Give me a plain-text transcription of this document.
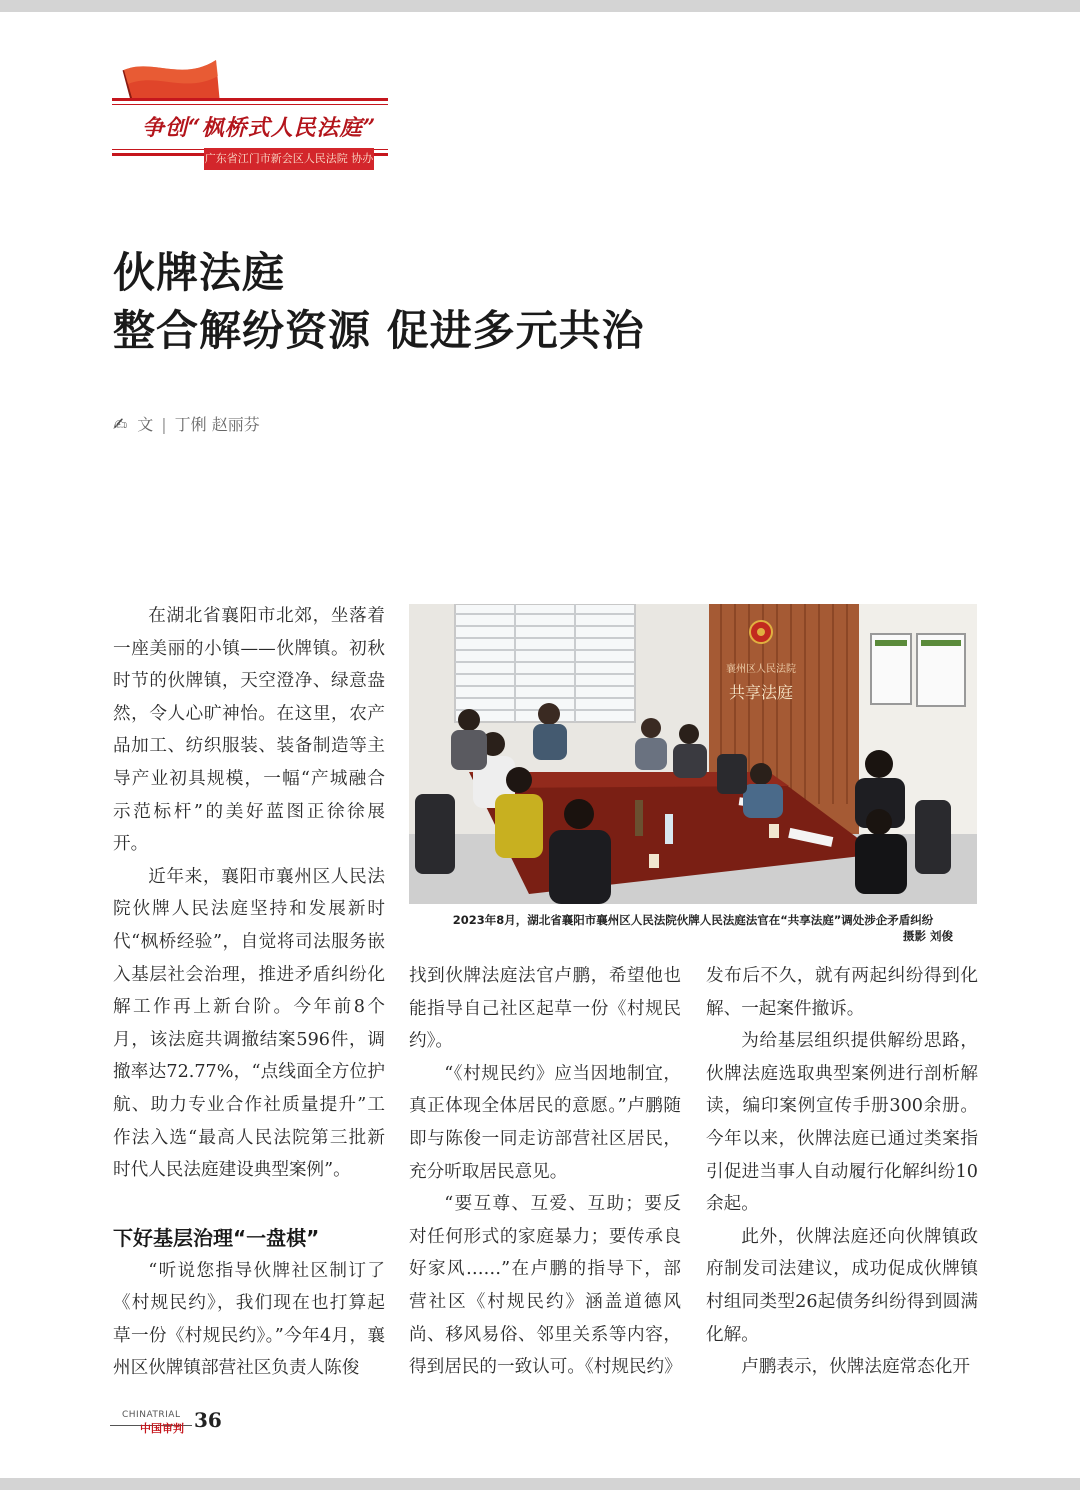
争创“枫桥式人民法庭”
广东省江门市新会区人民法院 协办
伙牌法庭
整合解纷资源 促进多元共治
✍ 文 | 丁俐 赵丽芬

在湖北省襄阳市北郊，坐落着一座美丽的小镇——伙牌镇。初秋时节的伙牌镇，天空澄净、绿意盎然，令人心旷神怡。在这里，农产品加工、纺织服装、装备制造等主导产业初具规模，一幅“产城融合示范标杆”的美好蓝图正徐徐展开。

近年来，襄阳市襄州区人民法院伙牌人民法庭坚持和发展新时代“枫桥经验”，自觉将司法服务嵌入基层社会治理，推进矛盾纠纷化解工作再上新台阶。今年前8个月，该法庭共调撤结案596件，调撤率达72.77%，“点线面全方位护航、助力专业合作社质量提升”工作法入选“最高人民法院第三批新时代人民法庭建设典型案例”。

下好基层治理“一盘棋”

“听说您指导伙牌社区制订了《村规民约》，我们现在也打算起草一份《村规民约》。”今年4月，襄州区伙牌镇部营社区负责人陈俊

襄州区人民法院
共享法庭
2023年8月，湖北省襄阳市襄州区人民法院伙牌人民法庭法官在“共享法庭”调处涉企矛盾纠纷
摄影 刘俊

找到伙牌法庭法官卢鹏，希望他也能指导自己社区起草一份《村规民约》。

“《村规民约》应当因地制宜，真正体现全体居民的意愿。”卢鹏随即与陈俊一同走访部营社区居民，充分听取居民意见。

“要互尊、互爱、互助；要反对任何形式的家庭暴力；要传承良好家风……”在卢鹏的指导下，部营社区《村规民约》涵盖道德风尚、移风易俗、邻里关系等内容，得到居民的一致认可。《村规民约》

发布后不久，就有两起纠纷得到化解、一起案件撤诉。

为给基层组织提供解纷思路，伙牌法庭选取典型案例进行剖析解读，编印案例宣传手册300余册。今年以来，伙牌法庭已通过类案指引促进当事人自动履行化解纠纷10余起。

此外，伙牌法庭还向伙牌镇政府制发司法建议，成功促成伙牌镇村组同类型26起债务纠纷得到圆满化解。

卢鹏表示，伙牌法庭常态化开

CHINATRIAL
中国审判 36
